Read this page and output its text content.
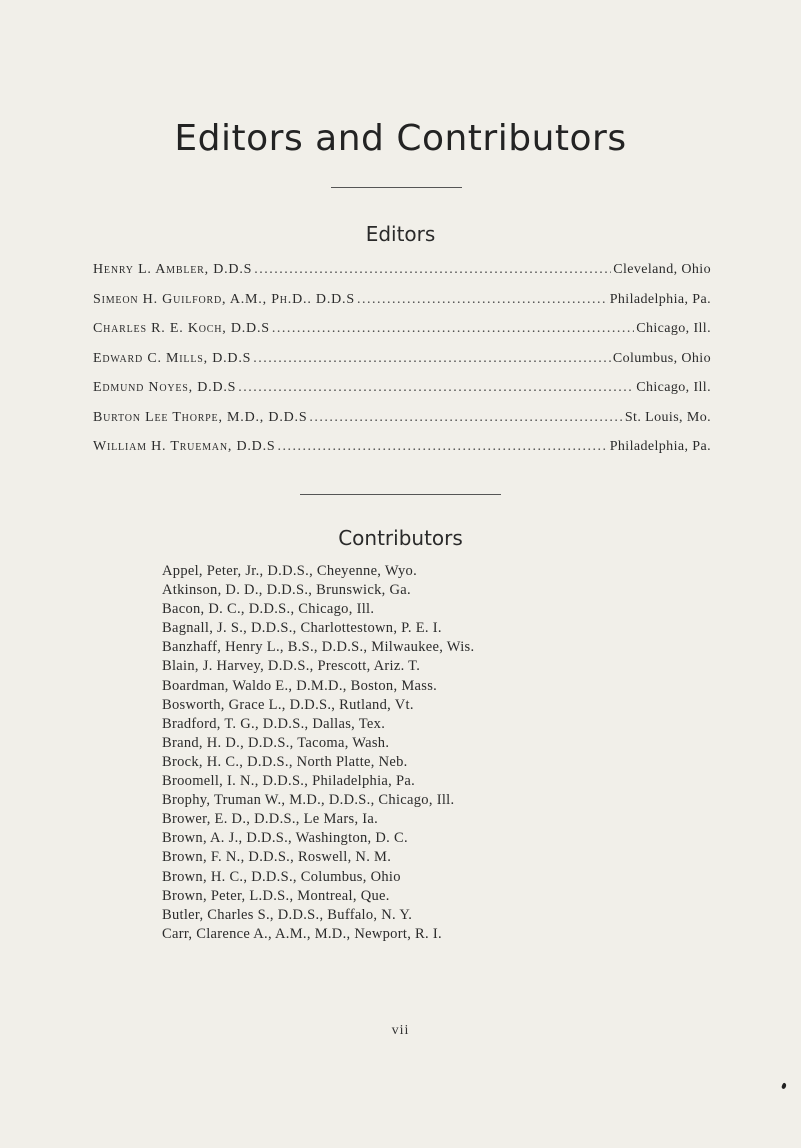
Editors and Contributors
Editors
Henry L. Ambler, D.D.S . . .	Cleveland, Ohio
Simeon H. Guilford, A.M., Ph.D.. D.D.S . . .	Philadelphia, Pa.
Charles R. E. Koch, D.D.S . . .	Chicago, Ill.
Edward C. Mills, D.D.S . . .	Columbus, Ohio
Edmund Noyes, D.D.S . . .	Chicago, Ill.
Burton Lee Thorpe, M.D., D.D.S . . .	St. Louis, Mo.
William H. Trueman, D.D.S . . .	Philadelphia, Pa.
Contributors
Appel, Peter, Jr., D.D.S., Cheyenne, Wyo.
Atkinson, D. D., D.D.S., Brunswick, Ga.
Bacon, D. C., D.D.S., Chicago, Ill.
Bagnall, J. S., D.D.S., Charlottestown, P. E. I.
Banzhaff, Henry L., B.S., D.D.S., Milwaukee, Wis.
Blain, J. Harvey, D.D.S., Prescott, Ariz. T.
Boardman, Waldo E., D.M.D., Boston, Mass.
Bosworth, Grace L., D.D.S., Rutland, Vt.
Bradford, T. G., D.D.S., Dallas, Tex.
Brand, H. D., D.D.S., Tacoma, Wash.
Brock, H. C., D.D.S., North Platte, Neb.
Broomell, I. N., D.D.S., Philadelphia, Pa.
Brophy, Truman W., M.D., D.D.S., Chicago, Ill.
Brower, E. D., D.D.S., Le Mars, Ia.
Brown, A. J., D.D.S., Washington, D. C.
Brown, F. N., D.D.S., Roswell, N. M.
Brown, H. C., D.D.S., Columbus, Ohio
Brown, Peter, L.D.S., Montreal, Que.
Butler, Charles S., D.D.S., Buffalo, N. Y.
Carr, Clarence A., A.M., M.D., Newport, R. I.
vii
